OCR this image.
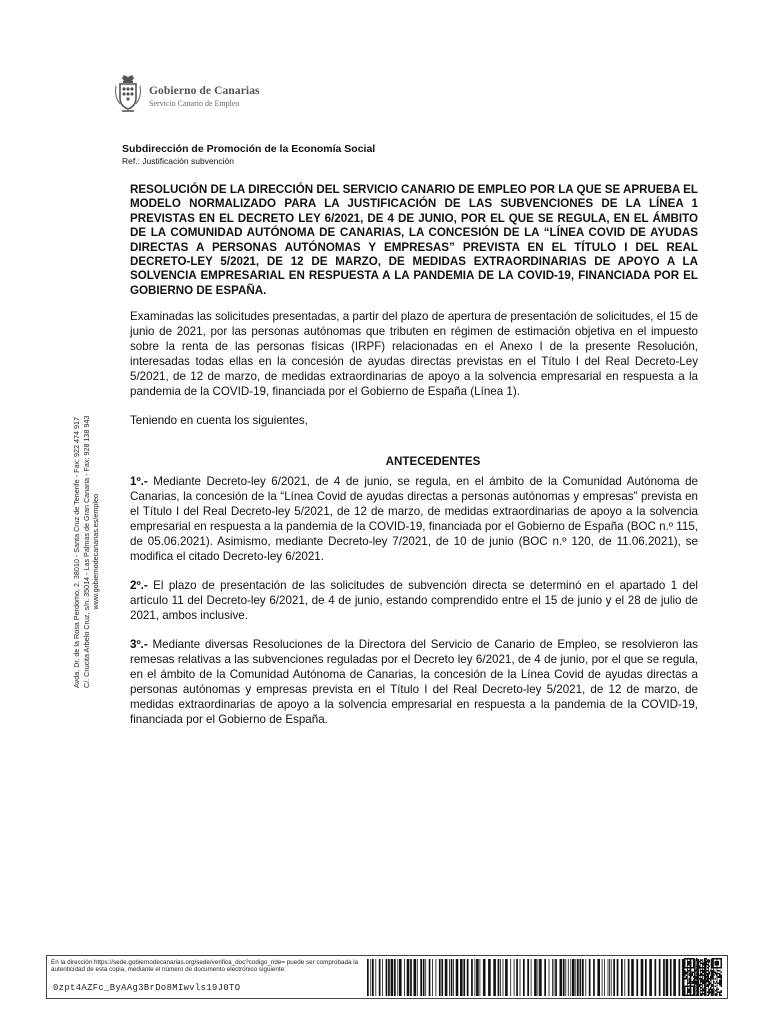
Gobierno de Canarias
Servicio Canario de Empleo

Subdirección de Promoción de la Economía Social

Ref.: Justificación subvención

RESOLUCIÓN DE LA DIRECCIÓN DEL SERVICIO CANARIO DE EMPLEO POR LA QUE SE APRUEBA EL MODELO NORMALIZADO PARA LA JUSTIFICACIÓN DE LAS SUBVENCIONES DE LA LÍNEA 1 PREVISTAS EN EL DECRETO LEY 6/2021, DE 4 DE JUNIO, POR EL QUE SE REGULA, EN EL ÁMBITO DE LA COMUNIDAD AUTÓNOMA DE CANARIAS, LA CONCESIÓN DE LA “LÍNEA COVID DE AYUDAS DIRECTAS A PERSONAS AUTÓNOMAS Y EMPRESAS” PREVISTA EN EL TÍTULO I DEL REAL DECRETO-LEY 5/2021, DE 12 DE MARZO, DE MEDIDAS EXTRAORDINARIAS DE APOYO A LA SOLVENCIA EMPRESARIAL EN RESPUESTA A LA PANDEMIA DE LA COVID-19, FINANCIADA POR EL GOBIERNO DE ESPAÑA.

Examinadas las solicitudes presentadas, a partir del plazo de apertura de presentación de solicitudes, el 15 de junio de 2021, por las personas autónomas que tributen en régimen de estimación objetiva en el impuesto sobre la renta de las personas físicas (IRPF) relacionadas en el Anexo I de la presente Resolución, interesadas todas ellas en la concesión de ayudas directas previstas en el Título I del Real Decreto-Ley 5/2021, de 12 de marzo, de medidas extraordinarias de apoyo a la solvencia empresarial en respuesta a la pandemia de la COVID-19, financiada por el Gobierno de España (Línea 1).

Teniendo en cuenta los siguientes,

ANTECEDENTES

1º.- Mediante Decreto-ley 6/2021, de 4 de junio, se regula, en el ámbito de la Comunidad Autónoma de Canarias, la concesión de la “Línea Covid de ayudas directas a personas autónomas y empresas” prevista en el Título I del Real Decreto-ley 5/2021, de 12 de marzo, de medidas extraordinarias de apoyo a la solvencia empresarial en respuesta a la pandemia de la COVID-19, financiada por el Gobierno de España (BOC n.º 115, de 05.06.2021). Asimismo, mediante Decreto-ley 7/2021, de 10 de junio (BOC n.º 120, de 11.06.2021), se modifica el citado Decreto-ley 6/2021.

2º.- El plazo de presentación de las solicitudes de subvención directa se determinó en el apartado 1 del artículo 11 del Decreto-ley 6/2021, de 4 de junio, estando comprendido entre el 15 de junio y el 28 de julio de 2021, ambos inclusive.

3º.- Mediante diversas Resoluciones de la Directora del Servicio de Canario de Empleo, se resolvieron las remesas relativas a las subvenciones reguladas por el Decreto ley 6/2021, de 4 de junio, por el que se regula, en el ámbito de la Comunidad Autónoma de Canarias, la concesión de la Línea Covid de ayudas directas a personas autónomas y empresas prevista en el Título I del Real Decreto-ley 5/2021, de 12 de marzo, de medidas extraordinarias de apoyo a la solvencia empresarial en respuesta a la pandemia de la COVID-19, financiada por el Gobierno de España.

Avda. Dr. de la Rosa Perdomo, 2. 38010 - Santa Cruz de Tenerife - Fax: 922 474 917 C/. Crucita Arbelo Cruz, s/n. 35014 - Las Palmas de Gran Canaria - Fax: 928 138 943 www.gobiernodecanarias.es/empleo
En la dirección https://sede.gobiernodecanarias.org/sede/verifica_doc?codigo_nde= puede ser comprobada la autenticidad de esta copia, mediante el número de documento electrónico siguiente:
0zpt4AZFc_ByAAg3BrDo8MIwvls19J0TO
